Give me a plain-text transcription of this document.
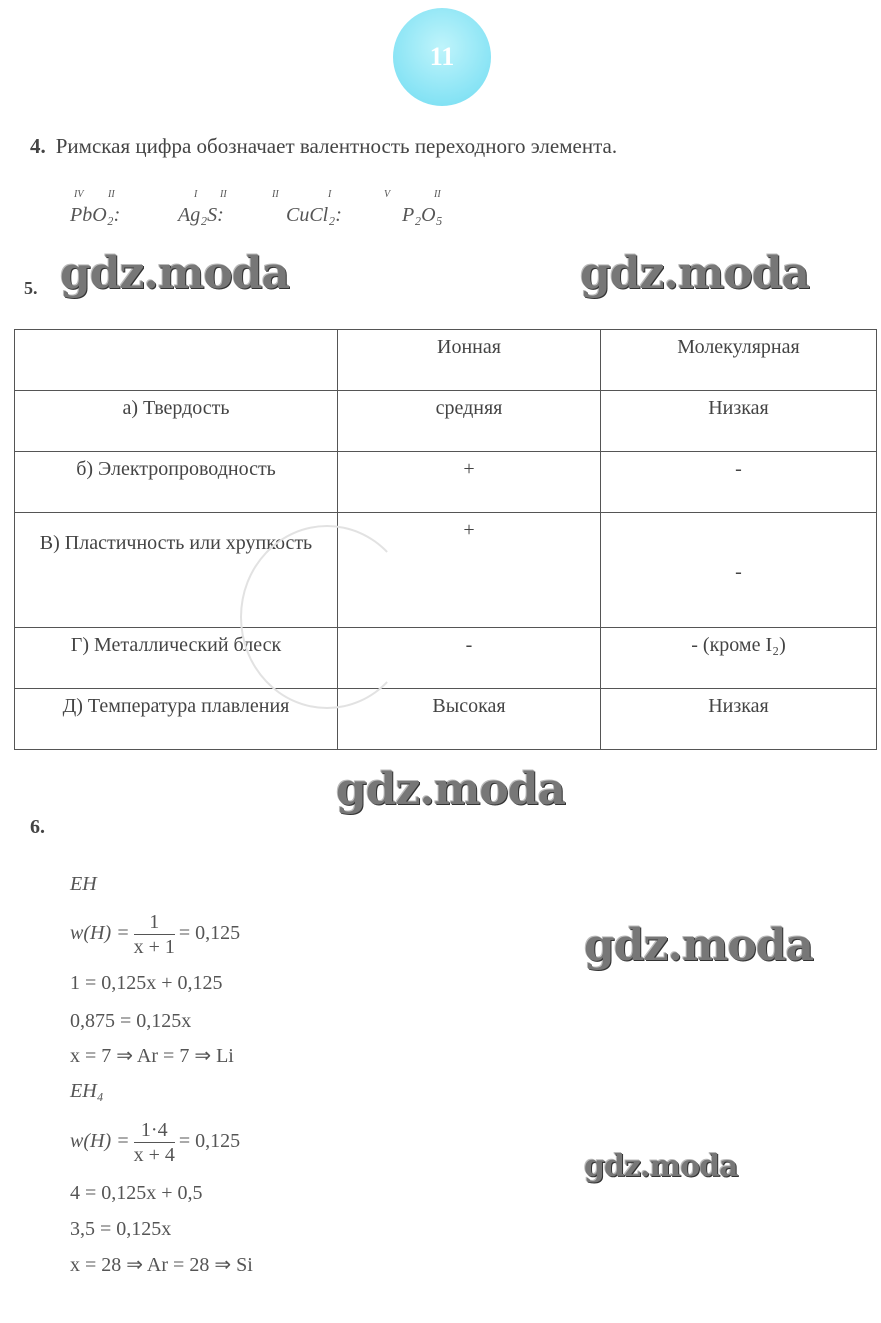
11
4. Римская цифра обозначает валентность переходного элемента.
IV II
PbO₂:
I II
Ag₂S:
II	I
CuCl₂:
V	II
P₂O₅
5. gdz.moda	gdz.moda
	Ионная	Молекулярная
а) Твердость	средняя	Низкая
б) Электропроводность	+	-
В) Пластичность или хрупкость	+	-
Г) Металлический блеск	-	- (кроме I₂)
Д) Температура плавления	Высокая	Низкая
gdz.moda
6.
EH
$w(H) = \frac{1}{x + 1} = 0,125$
1 = 0,125x + 0,125
0,875 = 0,125x
x = 7 ⇒ Ar = 7 ⇒ Li
EH₄
$w(H) = \frac{1\cdot 4}{x + 4} = 0,125$
4 = 0,125x + 0,5
3,5 = 0,125x
x = 28 ⇒ Ar = 28 ⇒ Si
gdz.moda
gdz.moda
